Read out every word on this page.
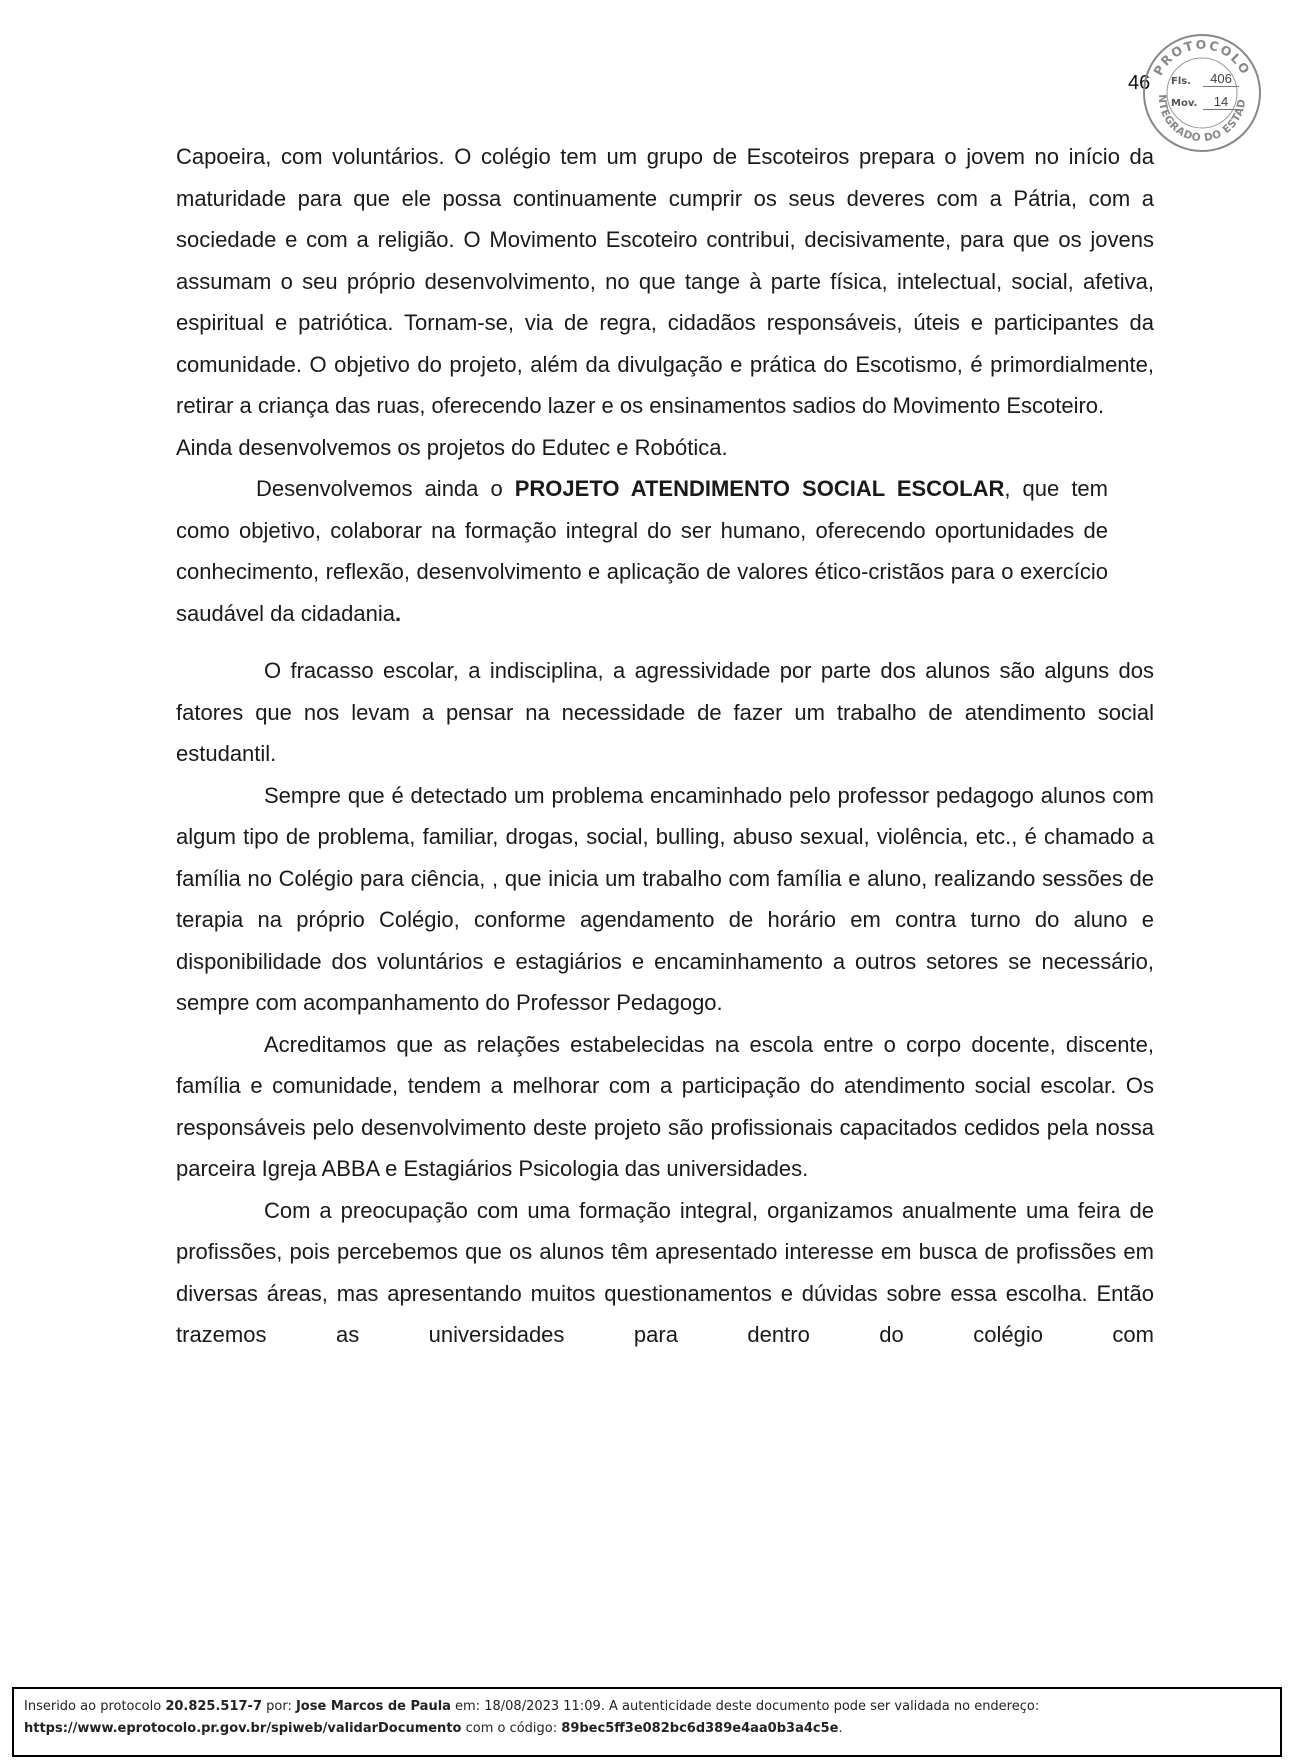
46
PROTOCOLO
NTEGRADO DO ESTAD
Fls.	406
Mov.	14

Capoeira, com voluntários. O colégio tem um grupo de Escoteiros prepara o jovem no início da maturidade para que ele possa continuamente cumprir os seus deveres com a Pátria, com a sociedade e com a religião. O Movimento Escoteiro contribui, decisivamente, para que os jovens assumam o seu próprio desenvolvimento, no que tange à parte física, intelectual, social, afetiva, espiritual e patriótica. Tornam-se, via de regra, cidadãos responsáveis, úteis e participantes da comunidade. O objetivo do projeto, além da divulgação e prática do Escotismo, é primordialmente, retirar a criança das ruas, oferecendo lazer e os ensinamentos sadios do Movimento Escoteiro.

Ainda desenvolvemos os projetos do Edutec e Robótica.

Desenvolvemos ainda o PROJETO ATENDIMENTO SOCIAL ESCOLAR, que tem como objetivo, colaborar na formação integral do ser humano, oferecendo oportunidades de conhecimento, reflexão, desenvolvimento e aplicação de valores ético-cristãos para o exercício saudável da cidadania.

O fracasso escolar, a indisciplina, a agressividade por parte dos alunos são alguns dos fatores que nos levam a pensar na necessidade de fazer um trabalho de atendimento social estudantil.

Sempre que é detectado um problema encaminhado pelo professor pedagogo alunos com algum tipo de problema, familiar, drogas, social, bulling, abuso sexual, violência, etc., é chamado a família no Colégio para ciência, , que inicia um trabalho com família e aluno, realizando sessões de terapia na próprio Colégio, conforme agendamento de horário em contra turno do aluno e disponibilidade dos voluntários e estagiários e encaminhamento a outros setores se necessário, sempre com acompanhamento do Professor Pedagogo.

Acreditamos que as relações estabelecidas na escola entre o corpo docente, discente, família e comunidade, tendem a melhorar com a participação do atendimento social escolar. Os responsáveis pelo desenvolvimento deste projeto são profissionais capacitados cedidos pela nossa parceira Igreja ABBA e Estagiários Psicologia das universidades.

Com a preocupação com uma formação integral, organizamos anualmente uma feira de profissões, pois percebemos que os alunos têm apresentado interesse em busca de profissões em diversas áreas, mas apresentando muitos questionamentos e dúvidas sobre essa escolha. Então trazemos as universidades para dentro do colégio com

Inserido ao protocolo 20.825.517-7 por: Jose Marcos de Paula em: 18/08/2023 11:09. A autenticidade deste documento pode ser validada no endereço:
https://www.eprotocolo.pr.gov.br/spiweb/validarDocumento com o código: 89bec5ff3e082bc6d389e4aa0b3a4c5e.
